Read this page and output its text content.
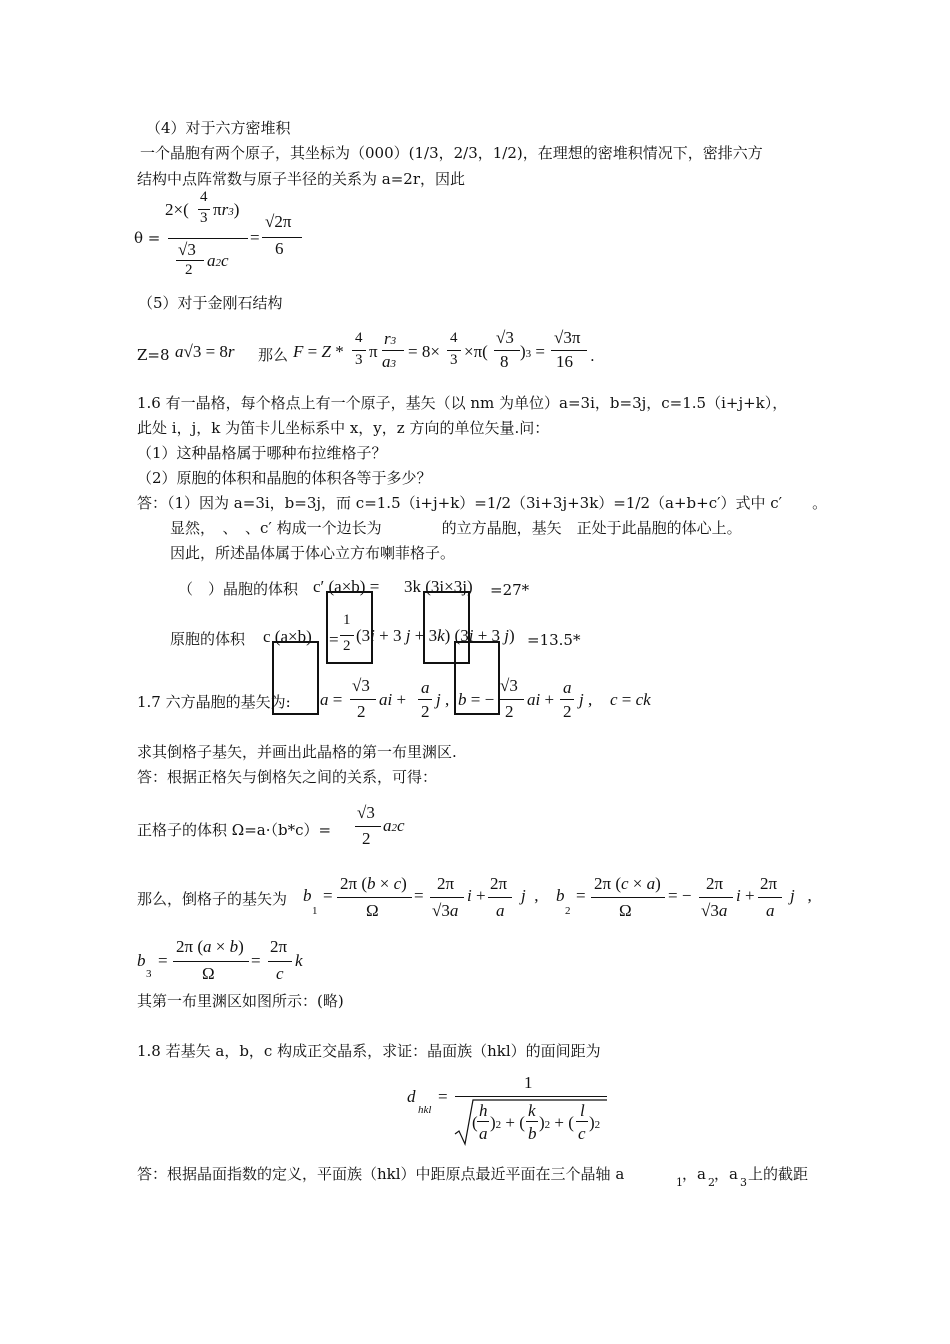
（4）对于六方密堆积
一个晶胞有两个原子，其坐标为（000）(1/3，2/3，1/2)，在理想的密堆积情况下，密排六方
结构中点阵常数与原子半径的关系为 a=2r，因此
θ =
2×(
4
3 πr3)
√3
2 a2c
=
√2π
6
（5）对于金刚石结构
Z=8 a√3 = 8r 那么 F = Z *
4
3 π
r3
a3
= 8×
4
3 ×π(
√3
8
)3 =
√3π
16 .
1.6 有一晶格，每个格点上有一个原子，基矢（以 nm 为单位）a=3i，b=3j，c=1.5（i+j+k），
此处 i，j，k 为笛卡儿坐标系中 x，y，z 方向的单位矢量.问：
（1）这种晶格属于哪种布拉维格子？
（2）原胞的体积和晶胞的体积各等于多少？
答：（1）因为 a=3i，b=3j，而 c=1.5（i+j+k）=1/2（3i+3j+3k）=1/2（a+b+c′）式中 c′　　。
显然，　、　、c′ 构成一个边长为　　　　的立方晶胞，基矢　正处于此晶胞的体心上。
因此，所述晶体属于体心立方布喇菲格子。
（　）晶胞的体积 c′ (a×b) = 3k (3i×3j) =27*
原胞的体积 c (a×b) =
1
2
(3i + 3 j + 3k) (3i + 3 j) =13.5*
1.7 六方晶胞的基矢为: a =
√3
2
ai +
a
2
j , b = −
√3
2
ai +
a
2
j , c = ck
求其倒格子基矢，并画出此晶格的第一布里渊区.
答：根据正格矢与倒格矢之间的关系，可得：
正格子的体积 Ω=a·（b*c）=
√3
2
a2c
那么，倒格子的基矢为 b
1
=
2π (b × c)
Ω
=
2π
√3a
i +
2π
a
j  , b
2
=
2π (c × a)
Ω
= −
2π
√3a
i +
2π
a
j   ,
b
3
=
2π (a × b)
Ω
=
2π
c
k
其第一布里渊区如图所示：(略)
1.8 若基矢 a，b，c 构成正交晶系，求证：晶面族（hkl）的面间距为
d
hkl
=
1
(
h
a
)2 + (
k
b
)2 + (
l
c
)2
答：根据晶面指数的定义，平面族（hkl）中距原点最近平面在三个晶轴 a	1 ，a 2 ，a 3 上的截距
